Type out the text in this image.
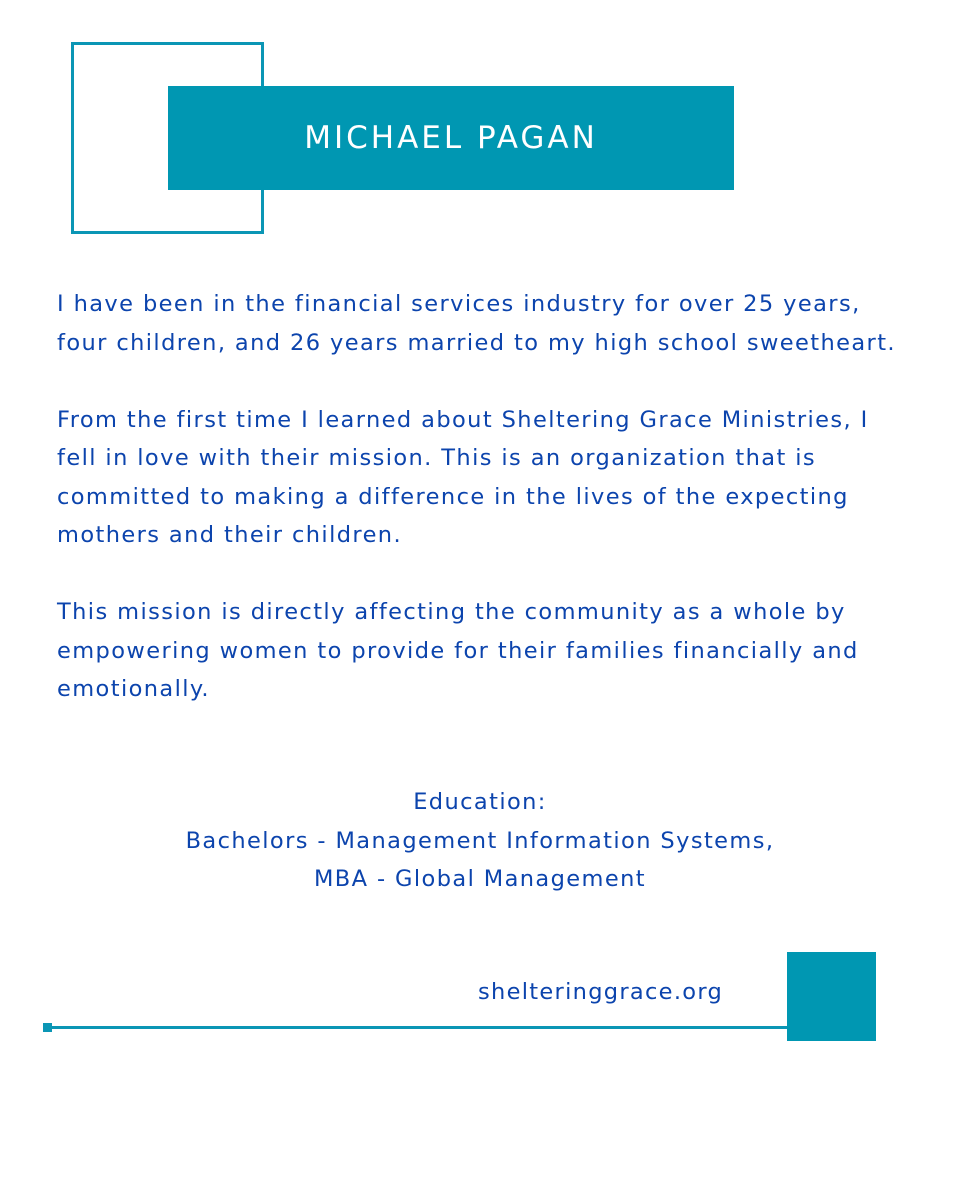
MICHAEL PAGAN

I have been in the financial services industry for over 25 years, four children, and 26 years married to my high school sweetheart.

From the first time I learned about Sheltering Grace Ministries, I fell in love with their mission. This is an organization that is committed to making a difference in the lives of the expecting mothers and their children.

This mission is directly affecting the community as a whole by empowering women to provide for their families financially and emotionally.

Education:
Bachelors - Management Information Systems,
MBA - Global Management
shelteringgrace.org
